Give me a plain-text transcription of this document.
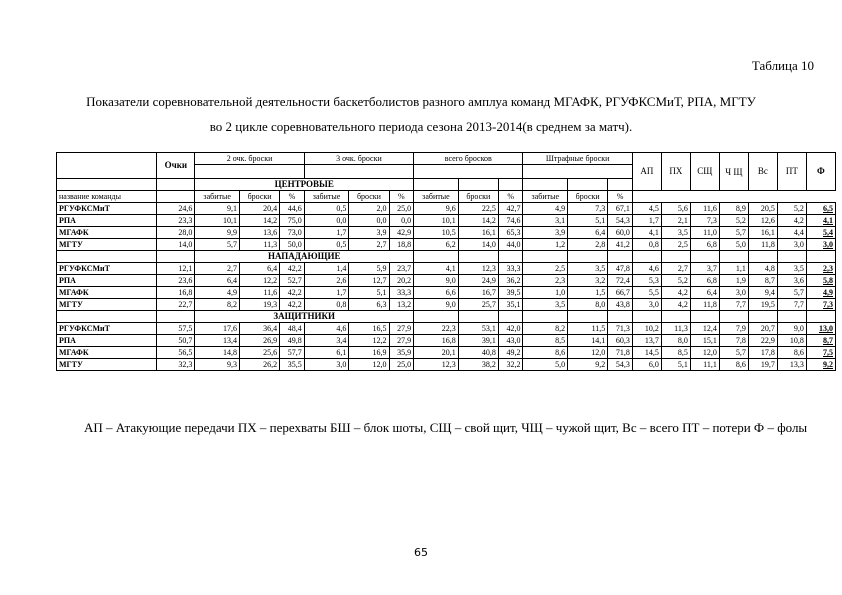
Таблица 10
Показатели соревновательной деятельности баскетболистов разного амплуа команд МГАФК, РГУФКСМиТ, РПА, МГТУ
во 2 цикле соревновательного периода сезона 2013-2014(в среднем за матч).
	Очки	2 очк. броски			3 очк. броски			всего бросков			Штрафные броски			АП	ПХ	СЩ	Ч Щ	Вс	ПТ	Ф

		ЦЕНТРОВЫЕ																		
название команды		забитые	броски	%	забитые	броски	%	забитые	броски	%	забитые	броски	%							
РГУФКСМиТ	24,6	9,1	20,4	44,6	0,5	2,0	25,0	9,6	22,5	42,7	4,9	7,3	67,1	4,5	5,6	11,6	8,9	20,5	5,2	6,5
РПА	23,3	10,1	14,2	75,0	0,0	0,0	0,0	10,1	14,2	74,6	3,1	5,1	54,3	1,7	2,1	7,3	5,2	12,6	4,2	4,1
МГАФК	28,0	9,9	13,6	73,0	1,7	3,9	42,9	10,5	16,1	65,3	3,9	6,4	60,0	4,1	3,5	11,0	5,7	16,1	4,4	5,4
МГТУ	14,0	5,7	11,3	50,0	0,5	2,7	18,8	6,2	14,0	44,0	1,2	2,8	41,2	0,8	2,5	6,8	5,0	11,8	3,0	3,0
		НАПАДАЮЩИЕ																		
РГУФКСМиТ	12,1	2,7	6,4	42,2	1,4	5,9	23,7	4,1	12,3	33,3	2,5	3,5	47,8	4,6	2,7	3,7	1,1	4,8	3,5	2,3
РПА	23,6	6,4	12,2	52,7	2,6	12,7	20,2	9,0	24,9	36,2	2,3	3,2	72,4	5,3	5,2	6,8	1,9	8,7	3,6	5,8
МГАФК	16,8	4,9	11,6	42,2	1,7	5,1	33,3	6,6	16,7	39,5	1,0	1,5	66,7	5,5	4,2	6,4	3,0	9,4	5,7	4,9
МГТУ	22,7	8,2	19,3	42,2	0,8	6,3	13,2	9,0	25,7	35,1	3,5	8,0	43,8	3,0	4,2	11,8	7,7	19,5	7,7	7,3
		ЗАЩИТНИКИ																		
РГУФКСМиТ	57,5	17,6	36,4	48,4	4,6	16,5	27,9	22,3	53,1	42,0	8,2	11,5	71,3	10,2	11,3	12,4	7,9	20,7	9,0	13,0
РПА	50,7	13,4	26,9	49,8	3,4	12,2	27,9	16,8	39,1	43,0	8,5	14,1	60,3	13,7	8,0	15,1	7,8	22,9	10,8	8,7
МГАФК	56,5	14,8	25,6	57,7	6,1	16,9	35,9	20,1	40,8	49,2	8,6	12,0	71,8	14,5	8,5	12,0	5,7	17,8	8,6	7,5
МГТУ	32,3	9,3	26,2	35,5	3,0	12,0	25,0	12,3	38,2	32,2	5,0	9,2	54,3	6,0	5,1	11,1	8,6	19,7	13,3	9,2
АП – Атакующие передачи ПХ – перехваты БШ – блок шоты, СЩ – свой щит, ЧЩ – чужой щит, Вс – всего ПТ – потери Ф – фолы
65
